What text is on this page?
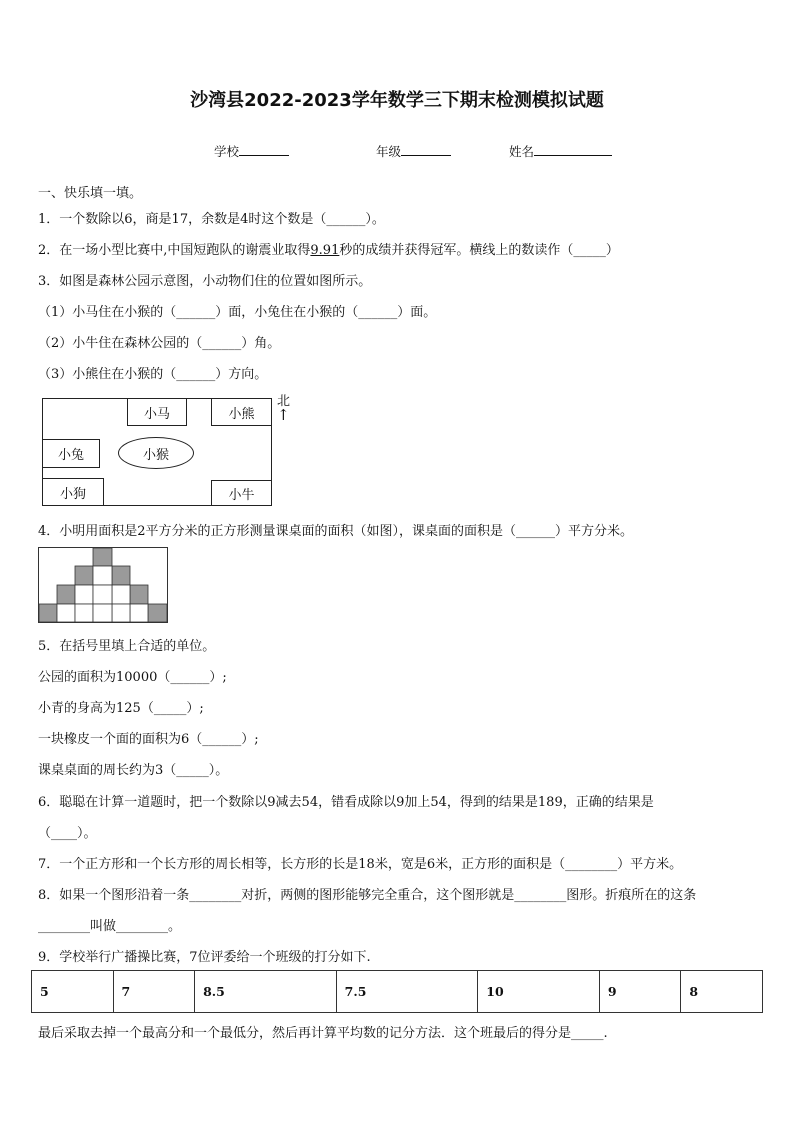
沙湾县2022-2023学年数学三下期末检测模拟试题
学校	年级	姓名
一、快乐填一填。
1．一个数除以6，商是17，余数是4时这个数是（______）。
2．在一场小型比赛中,中国短跑队的谢震业取得9.91秒的成绩并获得冠军。横线上的数读作（_____）
3．如图是森林公园示意图，小动物们住的位置如图所示。
（1）小马住在小猴的（______）面，小兔住在小猴的（______）面。
（2）小牛住在森林公园的（______）角。
（3）小熊住在小猴的（______）方向。
小马	小熊
小兔	小猴
小狗	小牛
北
↑
4．小明用面积是2平方分米的正方形测量课桌面的面积（如图），课桌面的面积是（______）平方分米。
5．在括号里填上合适的单位。
公园的面积为10000（______）;
小青的身高为125（_____）;
一块橡皮一个面的面积为6（______）;
课桌桌面的周长约为3（_____）。
6．聪聪在计算一道题时，把一个数除以9减去54，错看成除以9加上54，得到的结果是189，正确的结果是
（____）。
7．一个正方形和一个长方形的周长相等，长方形的长是18米，宽是6米，正方形的面积是（________）平方米。
8．如果一个图形沿着一条________对折，两侧的图形能够完全重合，这个图形就是________图形。折痕所在的这条
________叫做________。
9．学校举行广播操比赛，7位评委给一个班级的打分如下.
5	7	8.5	7.5	10	9	8
最后采取去掉一个最高分和一个最低分，然后再计算平均数的记分方法．这个班最后的得分是_____.
